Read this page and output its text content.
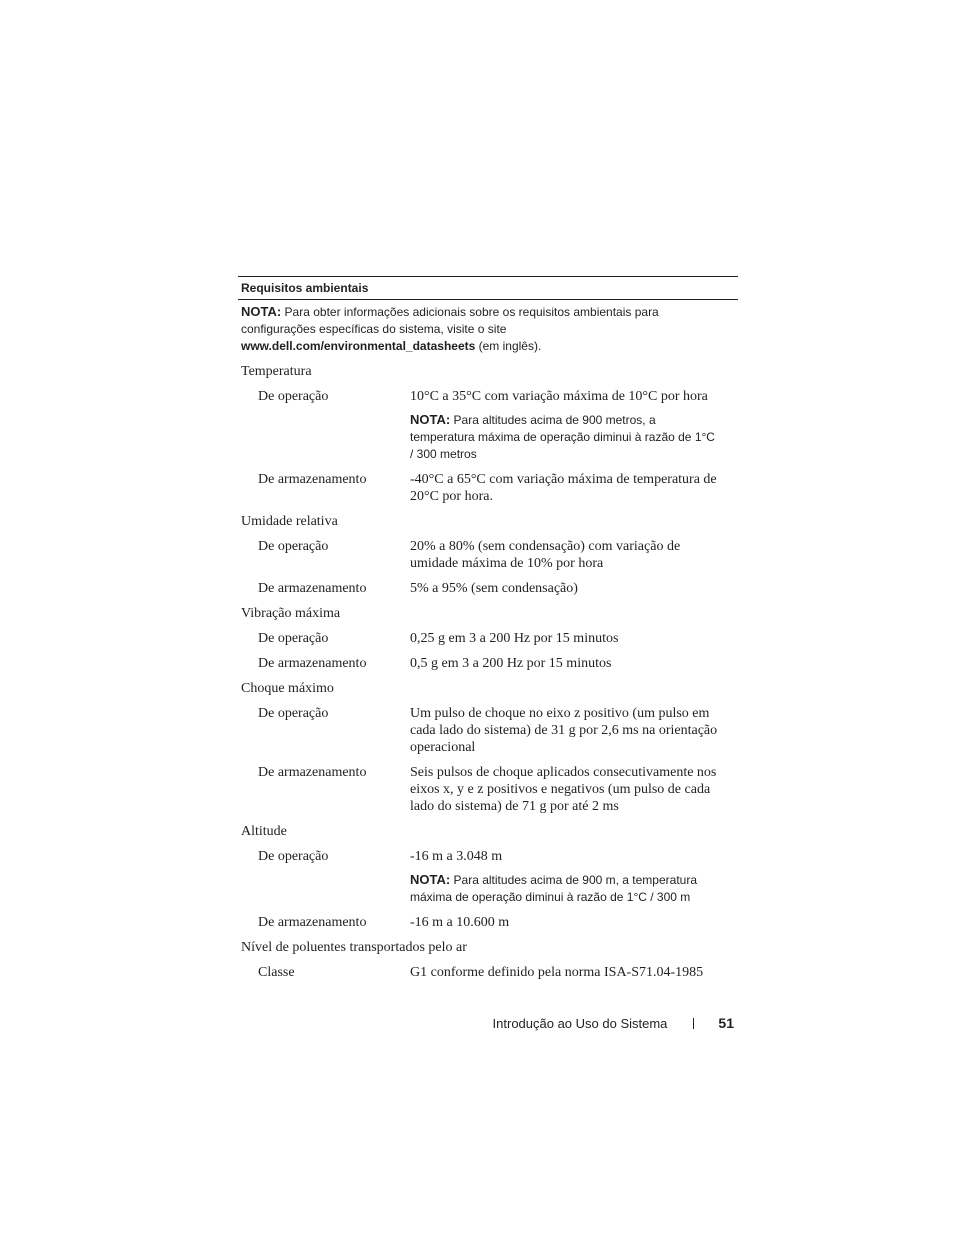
Requisitos ambientais
NOTA: Para obter informações adicionais sobre os requisitos ambientais para configurações específicas do sistema, visite o site www.dell.com/environmental_datasheets (em inglês).
Temperatura
De operação	10°C a 35°C com variação máxima de 10°C por hora
NOTA: Para altitudes acima de 900 metros, a temperatura máxima de operação diminui à razão de 1°C / 300 metros
De armazenamento	-40°C a 65°C com variação máxima de temperatura de 20°C por hora.
Umidade relativa
De operação	20% a 80% (sem condensação) com variação de umidade máxima de 10% por hora
De armazenamento	5% a 95% (sem condensação)
Vibração máxima
De operação	0,25 g em 3 a 200 Hz por 15 minutos
De armazenamento	0,5 g em 3 a 200 Hz por 15 minutos
Choque máximo
De operação	Um pulso de choque no eixo z positivo (um pulso em cada lado do sistema) de 31 g por 2,6 ms na orientação operacional
De armazenamento	Seis pulsos de choque aplicados consecutivamente nos eixos x, y e z positivos e negativos (um pulso de cada lado do sistema) de 71 g por até 2 ms
Altitude
De operação	-16 m a 3.048 m
NOTA: Para altitudes acima de 900 m, a temperatura máxima de operação diminui à razão de 1°C / 300 m
De armazenamento	-16 m a 10.600 m
Nível de poluentes transportados pelo ar
Classe	G1 conforme definido pela norma ISA-S71.04-1985
Introdução ao Uso do Sistema	51
